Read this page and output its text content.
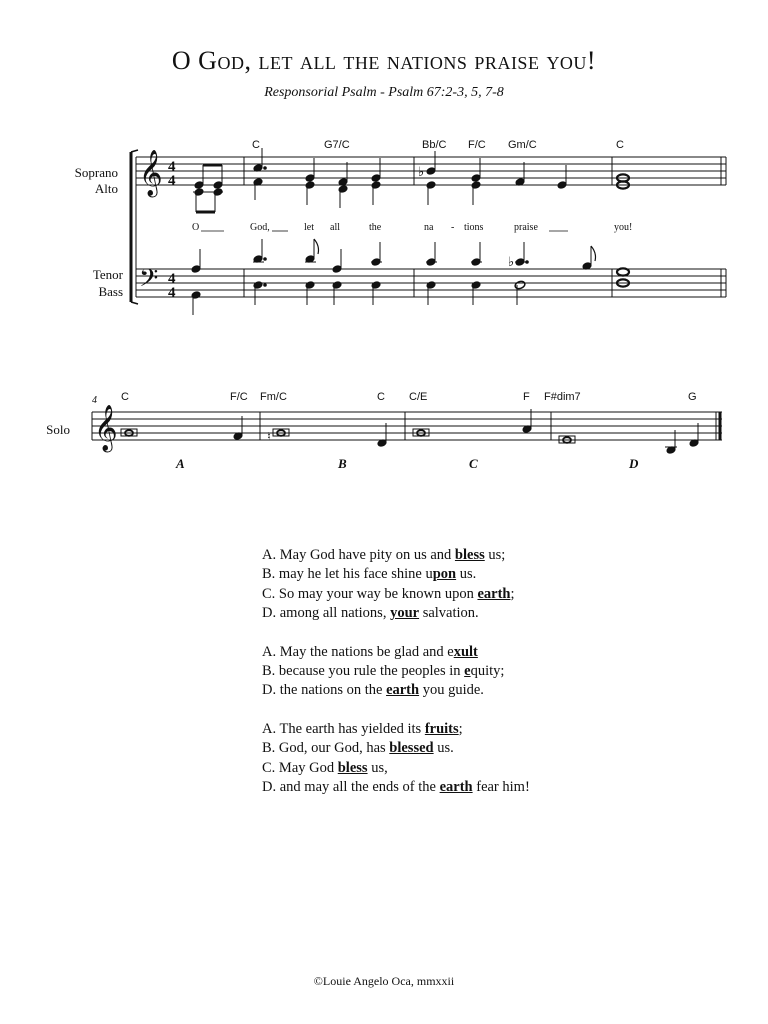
O God, let all the nations praise you!
Responsorial Psalm - Psalm 67:2-3, 5, 7-8
𝄞 4
4
𝄢 4
4
Soprano
Alto
Tenor
Bass
C	G7/C	Bb/C F/C Gm/C	C
♭
O	God,	let all	the	na - tions	praise	you!
♭
4
Solo 𝄞
C	F/C Fm/C	C C/E	F F#dim7	G
♮
A	B	C	D
A. May God have pity on us and bless us;
B. may he let his face shine upon us.
C. So may your way be known upon earth;
D. among all nations, your salvation.
A. May the nations be glad and exult
B. because you rule the peoples in equity;
D. the nations on the earth you guide.
A. The earth has yielded its fruits;
B. God, our God, has blessed us.
C. May God bless us,
D. and may all the ends of the earth fear him!
©Louie Angelo Oca, mmxxii
